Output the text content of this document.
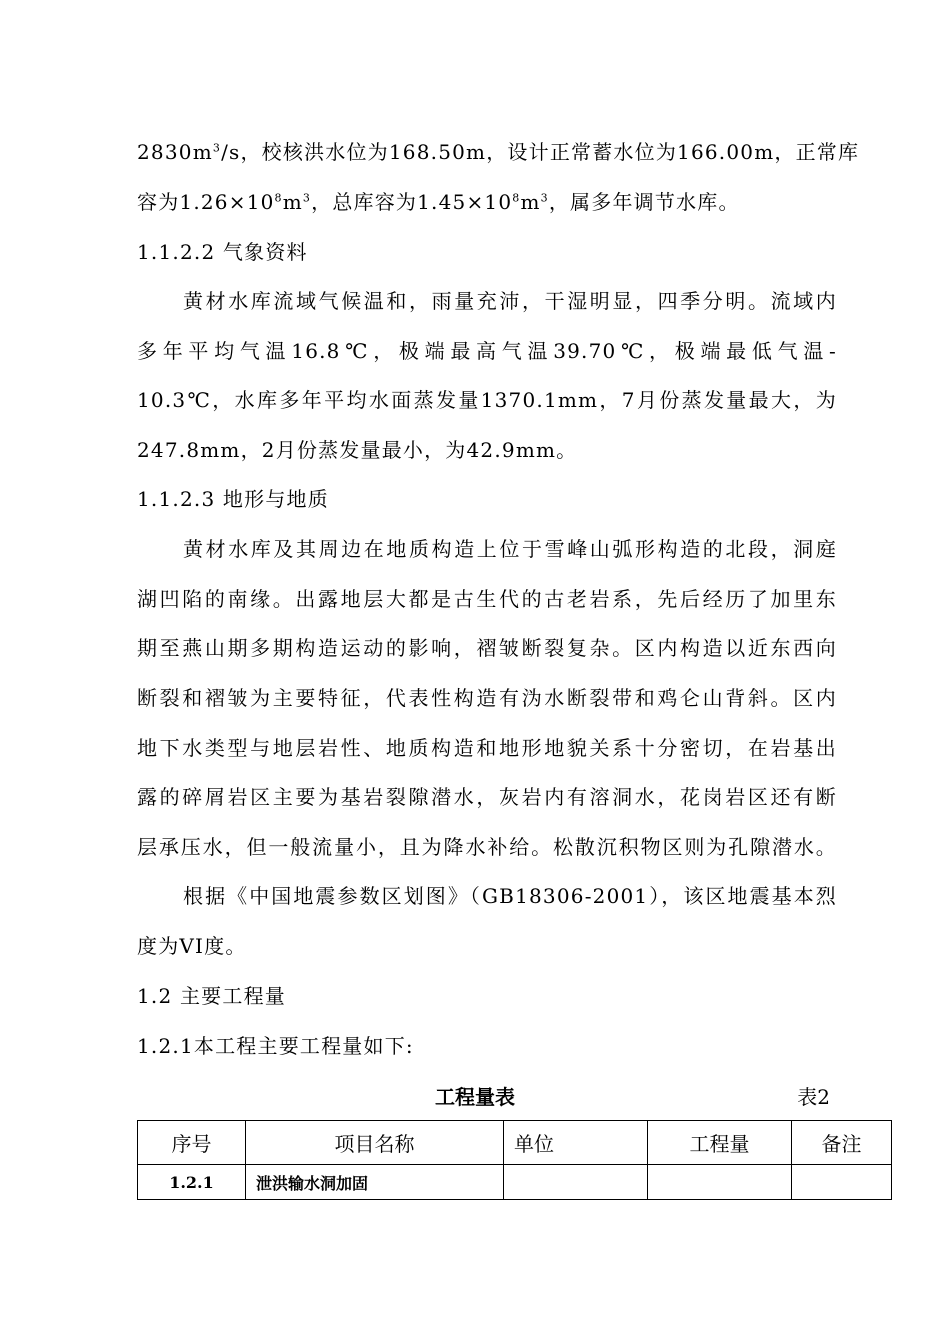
$2830m^3/s$，校核洪水位为168.50m，设计正常蓄水位为166.00m，正常库
容为$1.26\times 10^8m^3$，总库容为$1.45\times 10^8m^3$，属多年调节水库。
1.1.2.2 气象资料
黄材水库流域气候温和，雨量充沛，干湿明显，四季分明。流域内
多年平均气温16.8℃，极端最高气温39.70℃，极端最低气温-
10.3℃，水库多年平均水面蒸发量1370.1mm，7月份蒸发量最大，为
247.8mm，2月份蒸发量最小，为42.9mm。
1.1.2.3 地形与地质
黄材水库及其周边在地质构造上位于雪峰山弧形构造的北段，洞庭
湖凹陷的南缘。出露地层大都是古生代的古老岩系，先后经历了加里东
期至燕山期多期构造运动的影响，褶皱断裂复杂。区内构造以近东西向
断裂和褶皱为主要特征，代表性构造有沩水断裂带和鸡仑山背斜。区内
地下水类型与地层岩性、地质构造和地形地貌关系十分密切，在岩基出
露的碎屑岩区主要为基岩裂隙潜水，灰岩内有溶洞水，花岗岩区还有断
层承压水，但一般流量小，且为降水补给。松散沉积物区则为孔隙潜水。
根据《中国地震参数区划图》（GB18306-2001），该区地震基本烈
度为VI度。
1.2 主要工程量
1.2.1本工程主要工程量如下:
工程量表	表2
序号	项目名称	单位	工程量	备注
1.2.1	泄洪输水洞加固			
